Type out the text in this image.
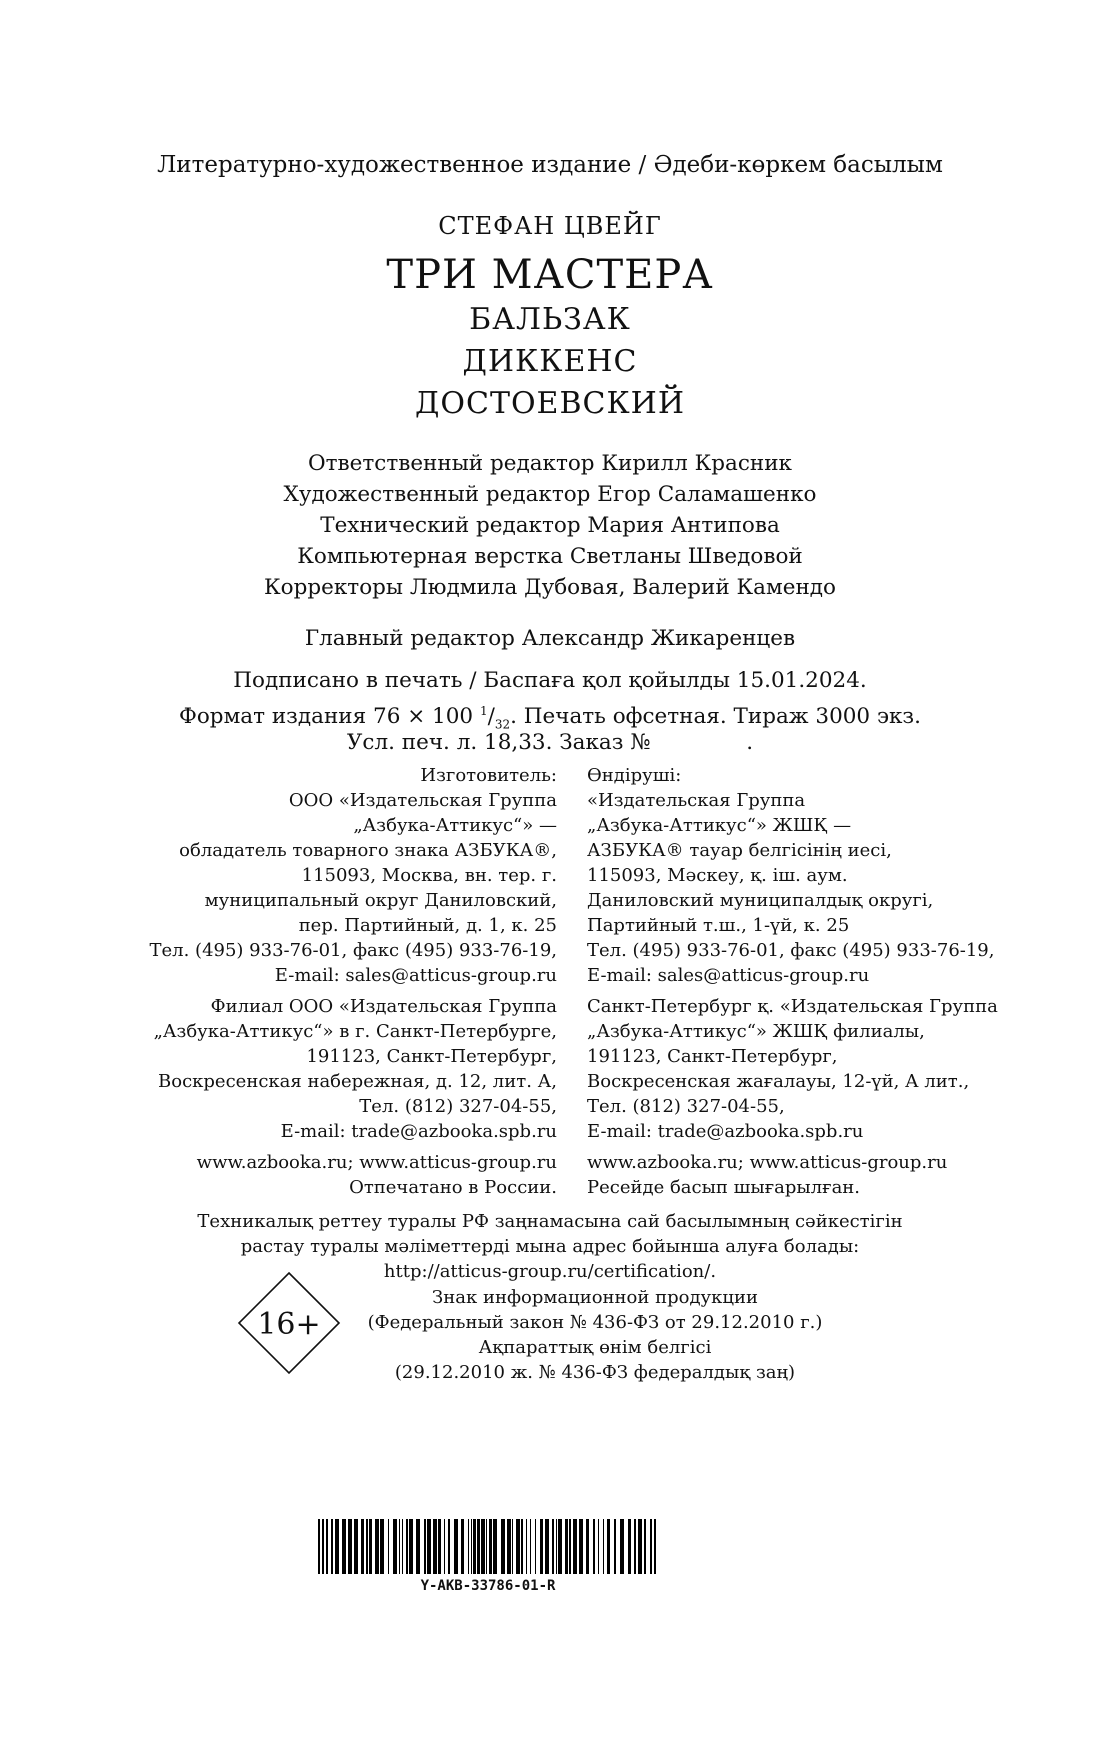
Литературно-художественное издание / Әдеби-көркем басылым
СТЕФАН ЦВЕЙГ
ТРИ МАСТЕРА
БАЛЬЗАК
ДИККЕНС
ДОСТОЕВСКИЙ
Ответственный редактор Кирилл Красник
Художественный редактор Егор Саламашенко
Технический редактор Мария Антипова
Компьютерная верстка Светланы Шведовой
Корректоры Людмила Дубовая, Валерий Камендо
Главный редактор Александр Жикаренцев
Подписано в печать / Баспаға қол қойылды 15.01.2024.
Формат издания 76 × 100 $^1/_{32}$. Печать офсетная. Тираж 3000 экз.
Усл. печ. л. 18,33. Заказ №              .
Изготовитель:
ООО «Издательская Группа
„Азбука-Аттикус“» —
обладатель товарного знака АЗБУКА®,
115093, Москва, вн. тер. г.
муниципальный округ Даниловский,
пер. Партийный, д. 1, к. 25
Тел. (495) 933-76-01, факс (495) 933-76-19,
E-mail: sales@atticus-group.ru
Филиал ООО «Издательская Группа
„Азбука-Аттикус“» в г. Санкт-Петербурге,
191123, Санкт-Петербург,
Воскресенская набережная, д. 12, лит. А,
Тел. (812) 327-04-55,
E-mail: trade@azbooka.spb.ru
www.azbooka.ru; www.atticus-group.ru
Отпечатано в России.
Өндіруші:
«Издательская Группа
„Азбука-Аттикус“» ЖШҚ —
АЗБУКА® тауар белгісінің иесі,
115093, Мәскеу, қ. іш. аум.
Даниловский муниципалдық округі,
Партийный т.ш., 1-үй, к. 25
Тел. (495) 933-76-01, факс (495) 933-76-19,
E-mail: sales@atticus-group.ru
Санкт-Петербург қ. «Издательская Группа
„Азбука-Аттикус“» ЖШҚ филиалы,
191123, Санкт-Петербург,
Воскресенская жағалауы, 12-үй, А лит.,
Тел. (812) 327-04-55,
E-mail: trade@azbooka.spb.ru
www.azbooka.ru; www.atticus-group.ru
Ресейде басып шығарылған.
Техникалық реттеу туралы РФ заңнамасына сай басылымның сәйкестігін
растау туралы мәліметтерді мына адрес бойынша алуға болады:
http://atticus-group.ru/certification/.
16+
Знак информационной продукции
(Федеральный закон № 436-ФЗ от 29.12.2010 г.)
Ақпараттық өнім белгісі
(29.12.2010 ж. № 436-ФЗ федералдық заң)
Y-AKB-33786-01-R
